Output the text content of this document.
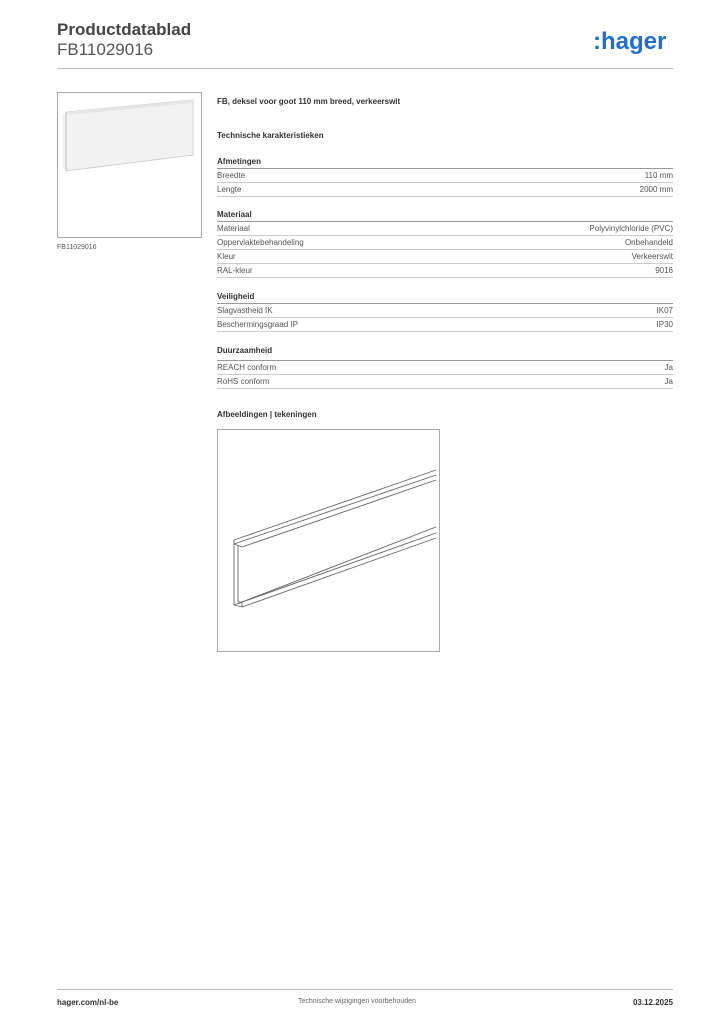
Productdatablad
FB11029016	:hager
FB11029016
FB, deksel voor goot 110 mm breed, verkeerswit
Technische karakteristieken
Afmetingen
Breedte	110 mm
Lengte	2000 mm
Materiaal
Materiaal	Polyvinylchloride (PVC)
Oppervlaktebehandeling	Onbehandeld
Kleur	Verkeerswit
RAL-kleur	9016
Veiligheid
Slagvastheid IK	IK07
Beschermingsgraad IP	IP30
Duurzaamheid
REACH conform	Ja
RoHS conform	Ja
Afbeeldingen | tekeningen
hager.com/nl-be	Technische wijzigingen voorbehouden	03.12.2025
